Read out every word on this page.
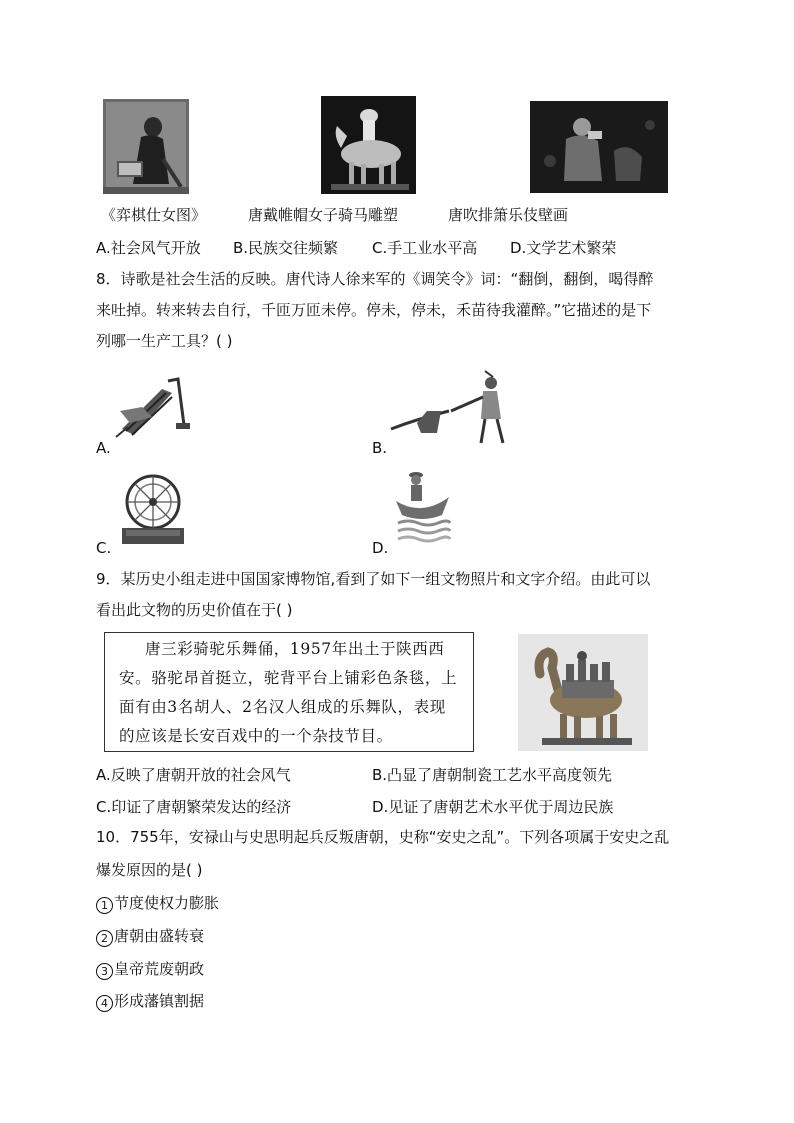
《弈棋仕女图》	唐戴帷帽女子骑马雕塑	唐吹排箫乐伎壁画
A.社会风气开放 B.民族交往频繁 C.手工业水平高 D.文学艺术繁荣
8．诗歌是社会生活的反映。唐代诗人徐来军的《调笑令》词：“翻倒，翻倒，喝得醉
来吐掉。转来转去自行，千匝万匝未停。停未，停未，禾苗待我灌醉。”它描述的是下
列哪一生产工具？( )
A.	B.
C.	D.
9．某历史小组走进中国国家博物馆,看到了如下一组文物照片和文字介绍。由此可以
看出此文物的历史价值在于( )
唐三彩骑驼乐舞俑，1957年出土于陕西西
安。骆驼昂首挺立，驼背平台上铺彩色条毯，上
面有由3名胡人、2名汉人组成的乐舞队，表现
的应该是长安百戏中的一个杂技节目。
A.反映了唐朝开放的社会风气	B.凸显了唐朝制瓷工艺水平高度领先
C.印证了唐朝繁荣发达的经济	D.见证了唐朝艺术水平优于周边民族
10．755年，安禄山与史思明起兵反叛唐朝，史称“安史之乱”。下列各项属于安史之乱
爆发原因的是( )
1 节度使权力膨胀
2 唐朝由盛转衰
3 皇帝荒废朝政
4 形成藩镇割据
